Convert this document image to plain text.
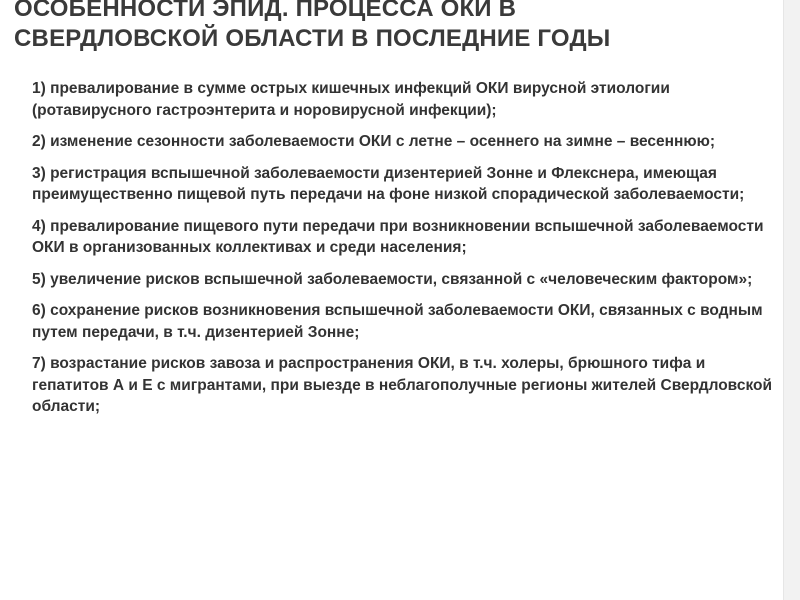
ОСОБЕННОСТИ ЭПИД. ПРОЦЕССА ОКИ В
СВЕРДЛОВСКОЙ ОБЛАСТИ В ПОСЛЕДНИЕ ГОДЫ

1) превалирование в сумме острых кишечных инфекций ОКИ вирусной этиологии (ротавирусного гастроэнтерита и норовирусной инфекции);

2) изменение сезонности заболеваемости ОКИ с летне – осеннего на зимне – весеннюю;

3) регистрация вспышечной заболеваемости дизентерией Зонне и Флекснера, имеющая преимущественно пищевой путь передачи на фоне низкой спорадической заболеваемости;

4) превалирование пищевого пути передачи при возникновении вспышечной заболеваемости ОКИ в организованных коллективах и среди населения;

5) увеличение рисков вспышечной заболеваемости, связанной с «человеческим фактором»;

6) сохранение рисков возникновения вспышечной заболеваемости ОКИ, связанных с водным путем передачи, в т.ч. дизентерией Зонне;

7) возрастание рисков завоза и распространения ОКИ, в т.ч. холеры, брюшного тифа и гепатитов А и Е с мигрантами, при выезде в неблагополучные регионы жителей Свердловской области;
